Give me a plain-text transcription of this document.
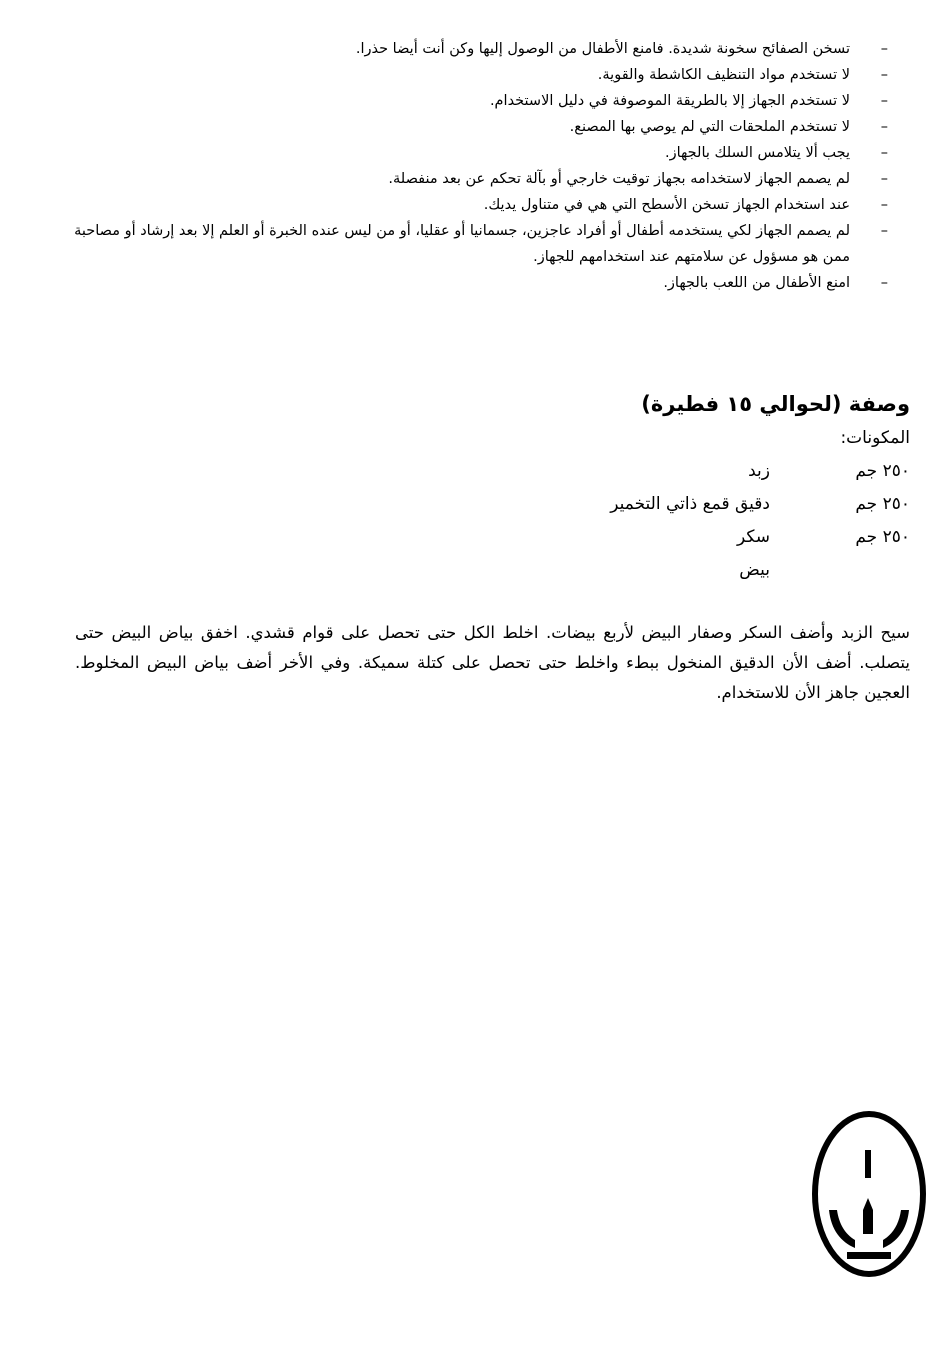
–
تسخن الصفائح سخونة شديدة. فامنع الأطفال من الوصول إليها وكن أنت أيضا حذرا.
–
لا تستخدم مواد التنظيف الكاشطة والقوية.
–
لا تستخدم الجهاز إلا بالطريقة الموصوفة في دليل الاستخدام.
–
لا تستخدم الملحقات التي لم يوصي بها المصنع.
–
يجب ألا يتلامس السلك بالجهاز.
–
لم يصمم الجهاز لاستخدامه بجهاز توقيت خارجي أو بآلة تحكم عن بعد منفصلة.
–
عند استخدام الجهاز تسخن الأسطح التي هي في متناول يديك.
–
لم يصمم الجهاز لكي يستخدمه أطفال أو أفراد عاجزين، جسمانيا أو عقليا، أو من ليس عنده الخبرة أو العلم إلا بعد إرشاد أو مصاحبة ممن هو مسؤول عن سلامتهم عند استخدامهم للجهاز.
–
امنع الأطفال من اللعب بالجهاز.
وصفة (لحوالي ١٥ فطيرة)
المكونات:
٢٥٠ جم	زبد
٢٥٠ جم	دقيق قمع ذاتي التخمير
٢٥٠ جم	سكر
	بيض

سيح الزبد وأضف السكر وصفار البيض لأربع بيضات. اخلط الكل حتى تحصل على قوام قشدي. اخفق بياض البيض حتى يتصلب. أضف الأن الدقيق المنخول ببطء واخلط حتى تحصل على كتلة سميكة. وفي الأخر أضف بياض البيض المخلوط. العجين جاهز الأن للاستخدام.
